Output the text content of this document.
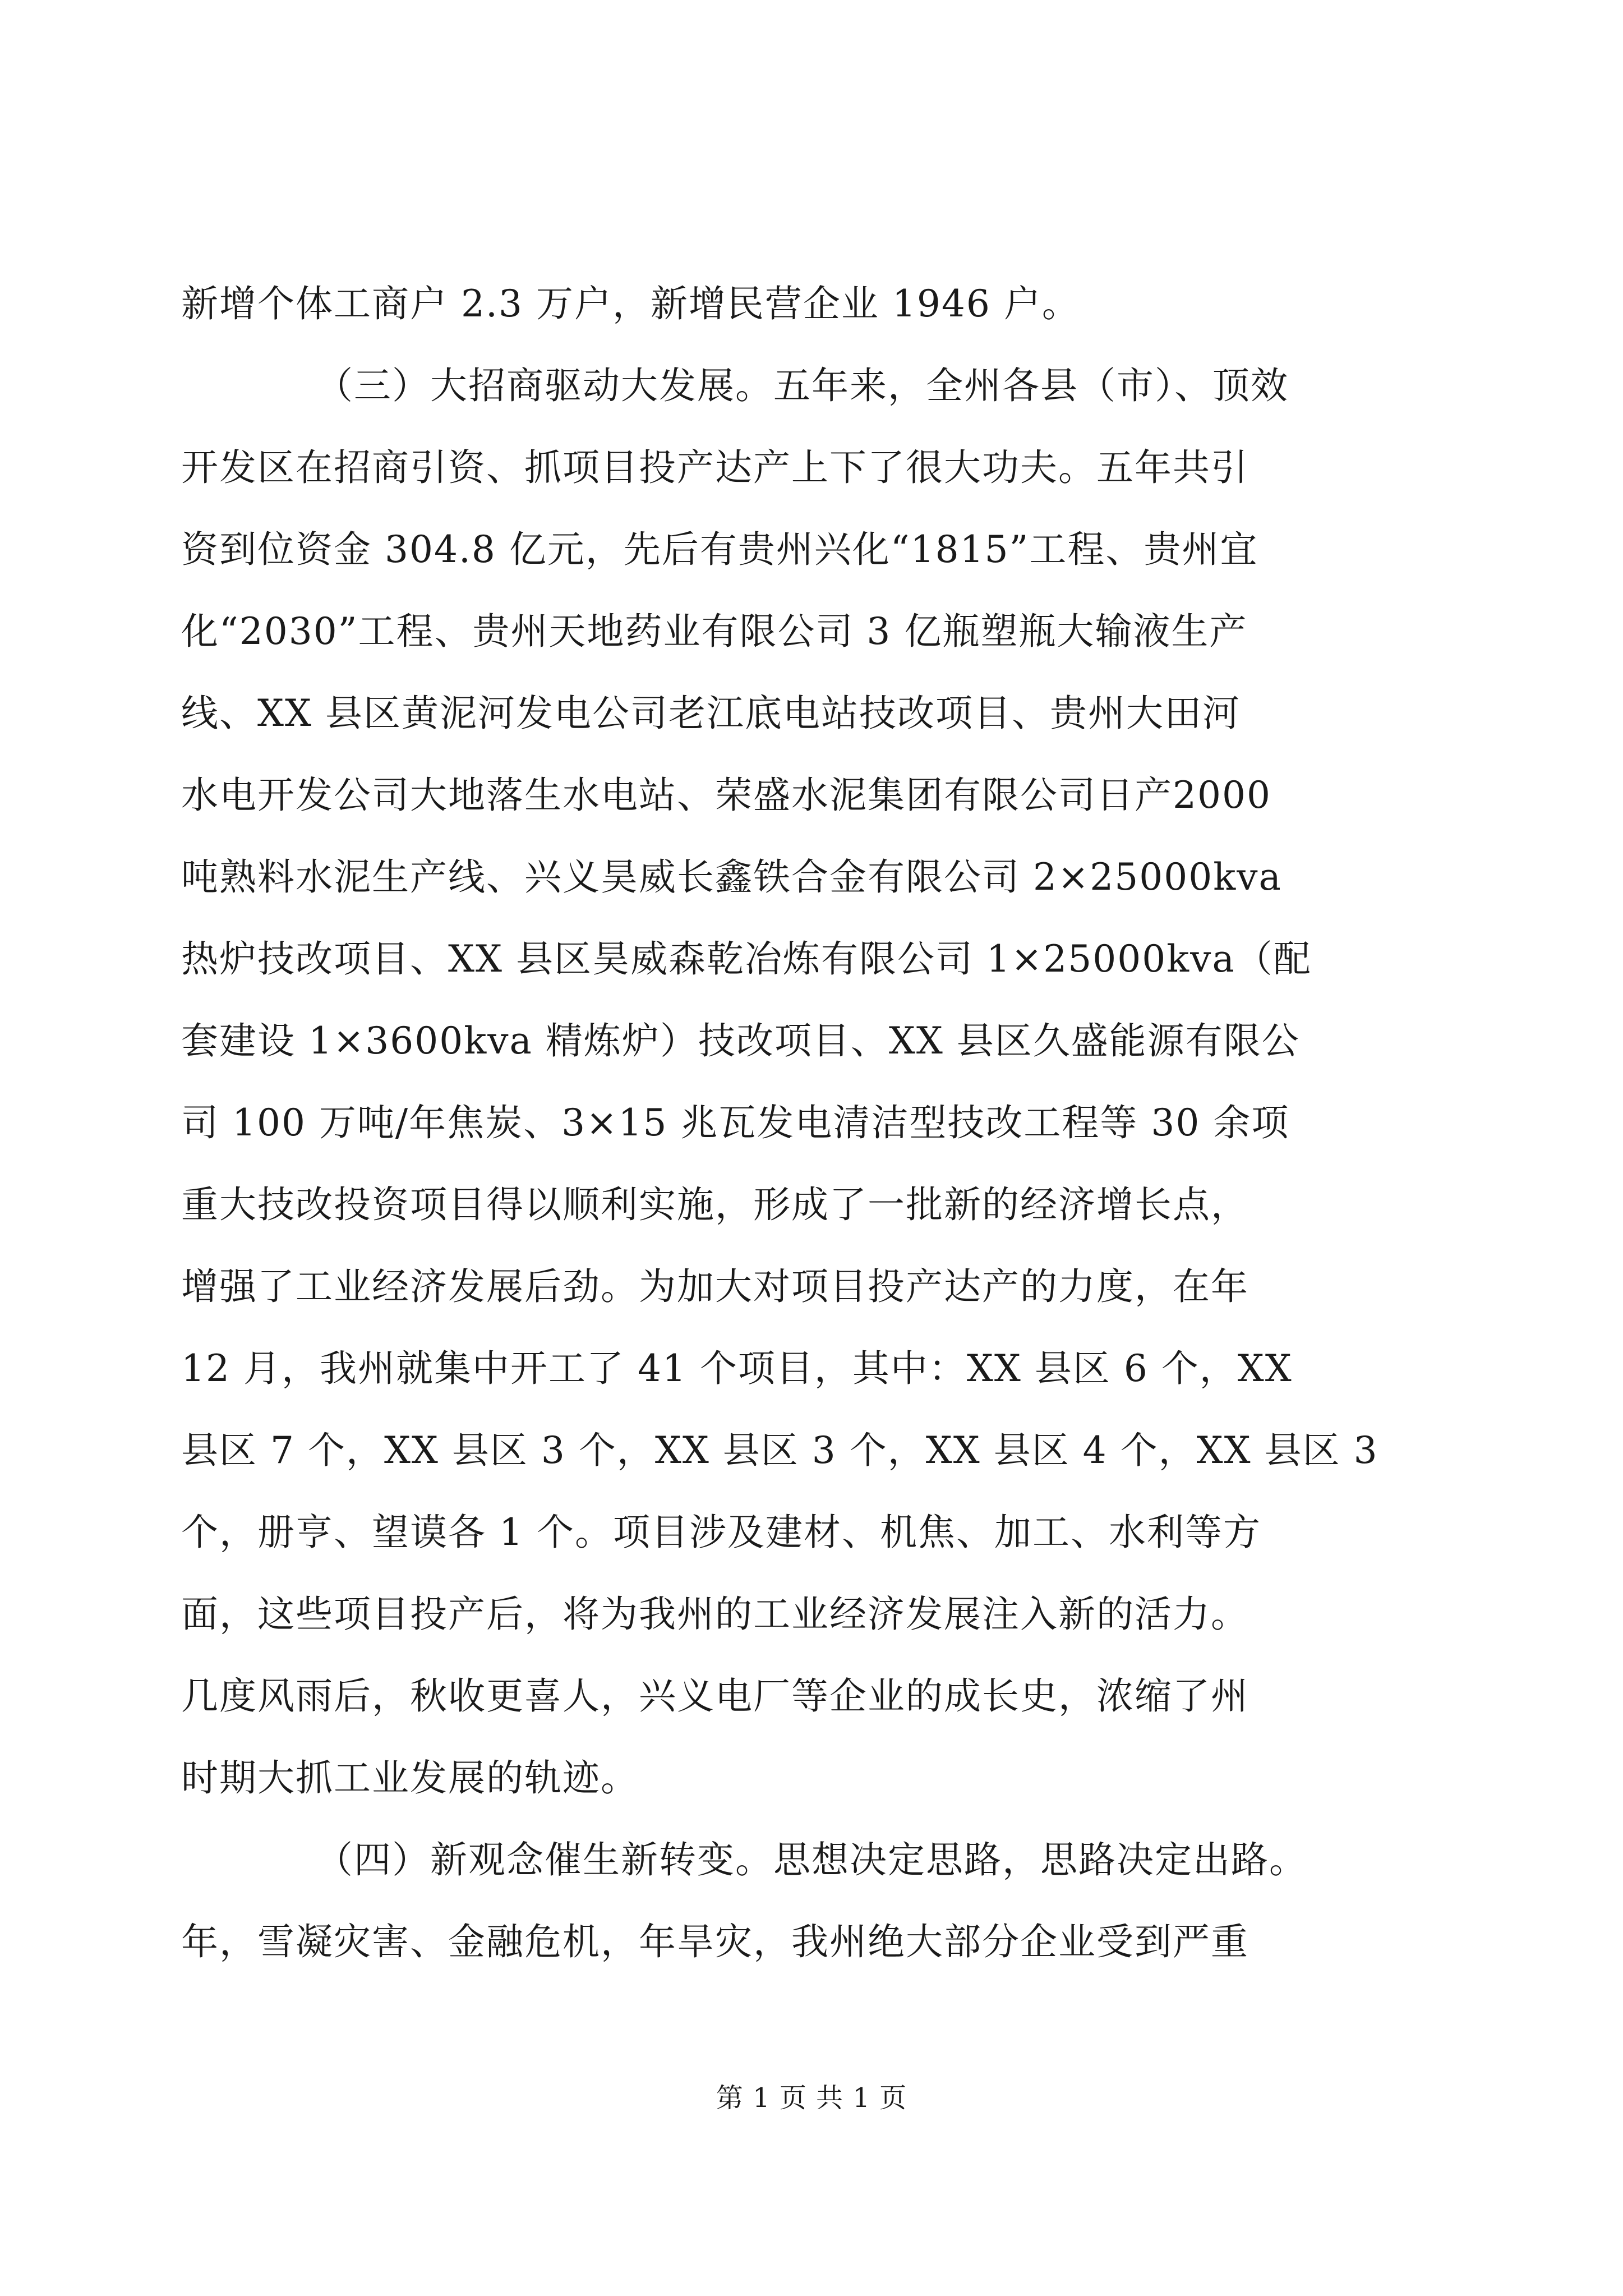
新增个体工商户 2.3 万户，新增民营企业 1946 户。

（三）大招商驱动大发展。五年来，全州各县（市）、顶效

开发区在招商引资、抓项目投产达产上下了很大功夫。五年共引

资到位资金 304.8 亿元，先后有贵州兴化“1815”工程、贵州宜

化“2030”工程、贵州天地药业有限公司 3 亿瓶塑瓶大输液生产

线、XX 县区黄泥河发电公司老江底电站技改项目、贵州大田河

水电开发公司大地落生水电站、荣盛水泥集团有限公司日产2000

吨熟料水泥生产线、兴义昊威长鑫铁合金有限公司 2×25000kva

热炉技改项目、XX 县区昊威森乾冶炼有限公司 1×25000kva（配

套建设 1×3600kva 精炼炉）技改项目、XX 县区久盛能源有限公

司 100 万吨/年焦炭、3×15 兆瓦发电清洁型技改工程等 30 余项

重大技改投资项目得以顺利实施，形成了一批新的经济增长点，

增强了工业经济发展后劲。为加大对项目投产达产的力度，在年

12 月，我州就集中开工了 41 个项目，其中：XX 县区 6 个，XX

县区 7 个，XX 县区 3 个，XX 县区 3 个，XX 县区 4 个，XX 县区 3

个，册亨、望谟各 1 个。项目涉及建材、机焦、加工、水利等方

面，这些项目投产后，将为我州的工业经济发展注入新的活力。

几度风雨后，秋收更喜人，兴义电厂等企业的成长史，浓缩了州

时期大抓工业发展的轨迹。

（四）新观念催生新转变。思想决定思路，思路决定出路。

年，雪凝灾害、金融危机，年旱灾，我州绝大部分企业受到严重

第 1 页 共 1 页
